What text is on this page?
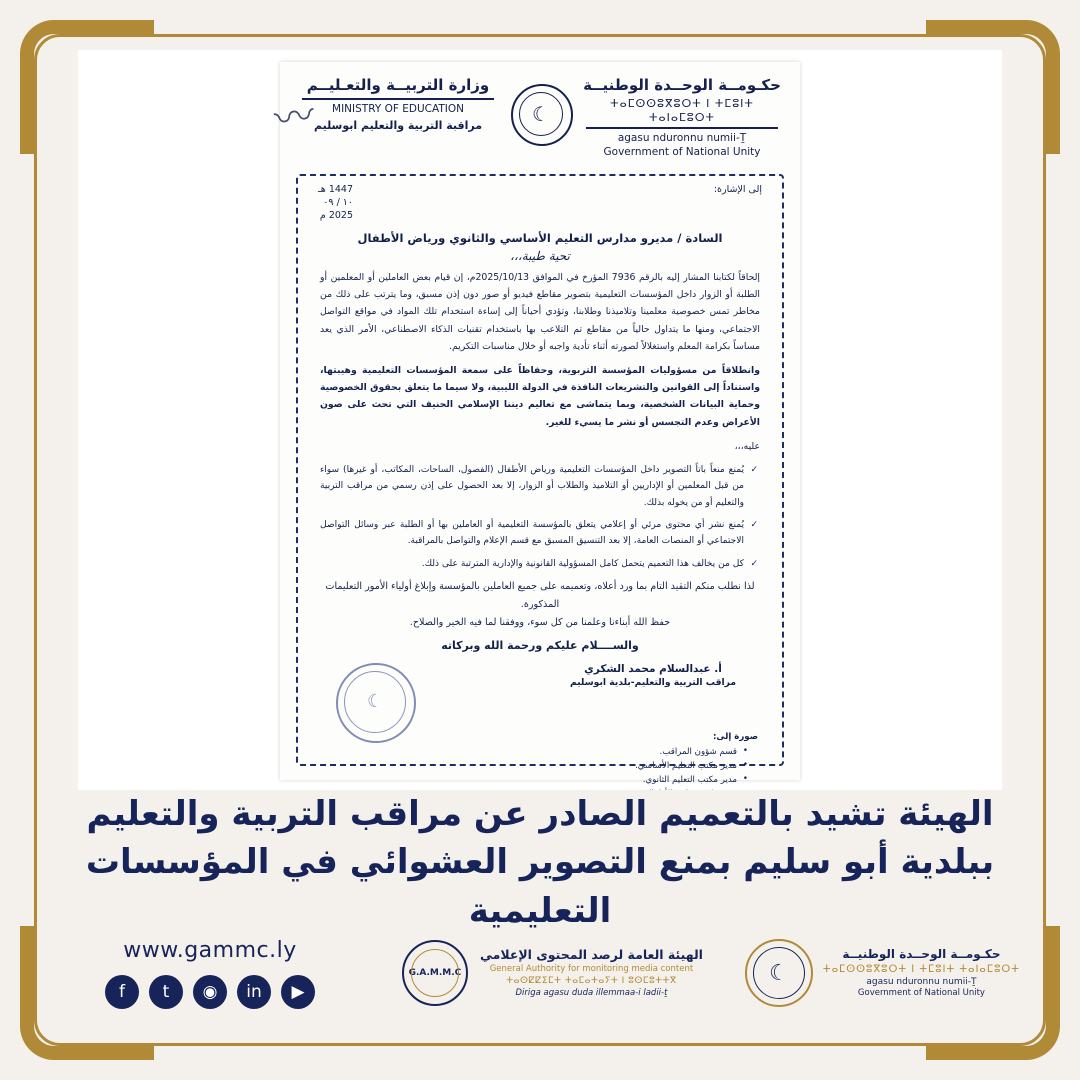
حكـومــة الوحــدة الوطنيــة
ⵜⴰⵎⵙⵙⵓⴳⵓⵔⵜ ⵏ ⵜⵎⵓⵏⵜ ⵜⴰⵏⴰⵎⵓⵔⵜ
agasu nduronnu numii-Ṯ
Government of National Unity
☾
وزارة التربيــة والتعـليــم
MINISTRY OF EDUCATION
مراقبة التربية والتعليم ابوسليم
إلى الإشارة:
1447 هـ
١٠ / ٠٩
2025 م
السادة / مديرو مدارس التعليم الأساسي والثانوي ورياض الأطفال
تحية طيبة،،،

إلحاقاً لكتابنا المشار إليه بالرقم 7936 المؤرخ في الموافق 2025/10/13م، إن قيام بعض العاملين أو المعلمين أو الطلبة أو الزوار داخل المؤسسات التعليمية بتصوير مقاطع فيديو أو صور دون إذن مسبق، وما يترتب على ذلك من مخاطر تمس خصوصية معلمينا وتلاميذنا وطلابنا، وتؤدي أحياناً إلى إساءة استخدام تلك المواد في مواقع التواصل الاجتماعي، ومنها ما يتداول حالياً من مقاطع تم التلاعب بها باستخدام تقنيات الذكاء الاصطناعي، الأمر الذي يعد مساساً بكرامة المعلم واستغلالاً لصورته أثناء تأدية واجبه أو خلال مناسبات التكريم.

وانطلاقاً من مسؤوليات المؤسسة التربوية، وحفاظاً على سمعة المؤسسات التعليمية وهيبتها، واستناداً إلى القوانين والتشريعات النافذة في الدولة الليبية، ولا سيما ما يتعلق بحقوق الخصوصية وحماية البيانات الشخصية، وبما يتماشى مع تعاليم ديننا الإسلامي الحنيف التي تحث على صون الأعراض وعدم التجسس أو نشر ما يسيء للغير.

عليه،،،

✓ يُمنع منعاً باتاً التصوير داخل المؤسسات التعليمية ورياض الأطفال (الفصول، الساحات، المكاتب، أو غيرها) سواء من قبل المعلمين أو الإداريين أو التلاميذ والطلاب أو الزوار، إلا بعد الحصول على إذن رسمي من مراقب التربية والتعليم أو من يخوله بذلك.
✓ يُمنع نشر أي محتوى مرئي أو إعلامي يتعلق بالمؤسسة التعليمية أو العاملين بها أو الطلبة عبر وسائل التواصل الاجتماعي أو المنصات العامة، إلا بعد التنسيق المسبق مع قسم الإعلام والتواصل بالمراقبة.
✓ كل من يخالف هذا التعميم يتحمل كامل المسؤولية القانونية والإدارية المترتبة على ذلك.
لذا نطلب منكم التقيد التام بما ورد أعلاه، وتعميمه على جميع العاملين بالمؤسسة وإبلاغ أولياء الأمور التعليمات المذكورة.
حفظ الله أبناءنا وعلمنا من كل سوء، ووفقنا لما فيه الخير والصلاح.
والســــلام عليكم ورحمة الله وبركاته
أ. عبدالسلام محمد الشكري
مراقب التربية والتعليم-بلدية ابوسليم
〰
☾
صورة إلى:
• قسم شؤون المراقب.
• مدير مكتب التعليم الأساسي.
• مدير مكتب التعليم الثانوي.
•
الهيئة تشيد بالتعميم الصادر عن مراقب التربية والتعليم ببلدية أبو سليم بمنع التصوير العشوائي في المؤسسات التعليمية
www.gammc.ly
f	t	◉	in	▶
الهيئة العامة لرصد المحتوى الإعلامي
General Authority for monitoring media content
ⵜⴰⵙⵇⵇⵉⵎⵜ ⵜⴰⵎⴰⵜⴰⵢⵜ ⵏ ⵓⵙⵎⵓⵜⵜⴳ
Diriga agasu duda illemmaa-i ladii-ṯ
G.A.M.M.C
حكـومــة الوحــدة الوطنيــة
ⵜⴰⵎⵙⵙⵓⴳⵓⵔⵜ ⵏ ⵜⵎⵓⵏⵜ ⵜⴰⵏⴰⵎⵓⵔⵜ
agasu nduronnu numii-Ṯ
Government of National Unity
☾
